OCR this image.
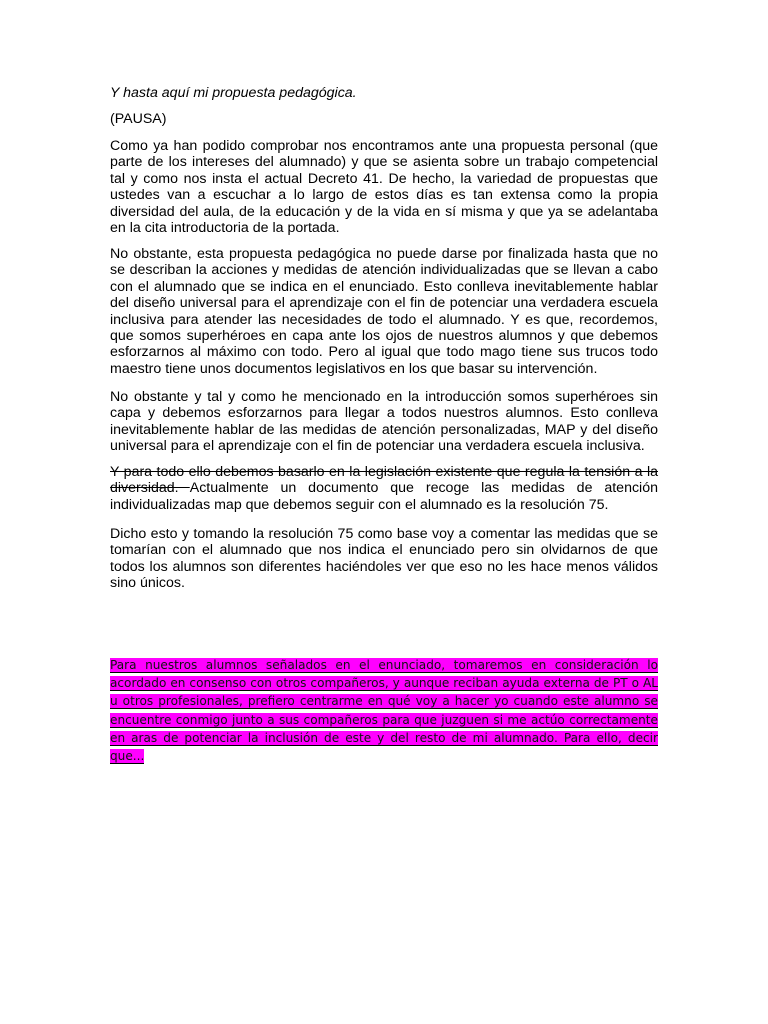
Y hasta aquí mi propuesta pedagógica.

(PAUSA)

Como ya han podido comprobar nos encontramos ante una propuesta personal (que parte de los intereses del alumnado) y que se asienta sobre un trabajo competencial tal y como nos insta el actual Decreto 41. De hecho, la variedad de propuestas que ustedes van a escuchar a lo largo de estos días es tan extensa como la propia diversidad del aula, de la educación y de la vida en sí misma y que ya se adelantaba en la cita introductoria de la portada.

No obstante, esta propuesta pedagógica no puede darse por finalizada hasta que no se describan la acciones y medidas de atención individualizadas que se llevan a cabo con el alumnado que se indica en el enunciado. Esto conlleva inevitablemente hablar del diseño universal para el aprendizaje con el fin de potenciar una verdadera escuela inclusiva para atender las necesidades de todo el alumnado. Y es que, recordemos, que somos superhéroes en capa ante los ojos de nuestros alumnos y que debemos esforzarnos al máximo con todo. Pero al igual que todo mago tiene sus trucos todo maestro tiene unos documentos legislativos en los que basar su intervención.

No obstante y tal y como he mencionado en la introducción somos superhéroes sin capa y debemos esforzarnos para llegar a todos nuestros alumnos. Esto conlleva inevitablemente hablar de las medidas de atención personalizadas, MAP y del diseño universal para el aprendizaje con el fin de potenciar una verdadera escuela inclusiva.

Y para todo ello debemos basarlo en la legislación existente que regula la tensión a la diversidad. Actualmente un documento que recoge las medidas de atención individualizadas map que debemos seguir con el alumnado es la resolución 75.

Dicho esto y tomando la resolución 75 como base voy a comentar las medidas que se tomarían con el alumnado que nos indica el enunciado pero sin olvidarnos de que todos los alumnos son diferentes haciéndoles ver que eso no les hace menos válidos sino únicos.

Para nuestros alumnos señalados en el enunciado, tomaremos en consideración lo acordado en consenso con otros compañeros, y aunque reciban ayuda externa de PT o AL u otros profesionales, prefiero centrarme en qué voy a hacer yo cuando este alumno se encuentre conmigo junto a sus compañeros para que juzguen si me actúo correctamente en aras de potenciar la inclusión de este y del resto de mi alumnado. Para ello, decir que...
